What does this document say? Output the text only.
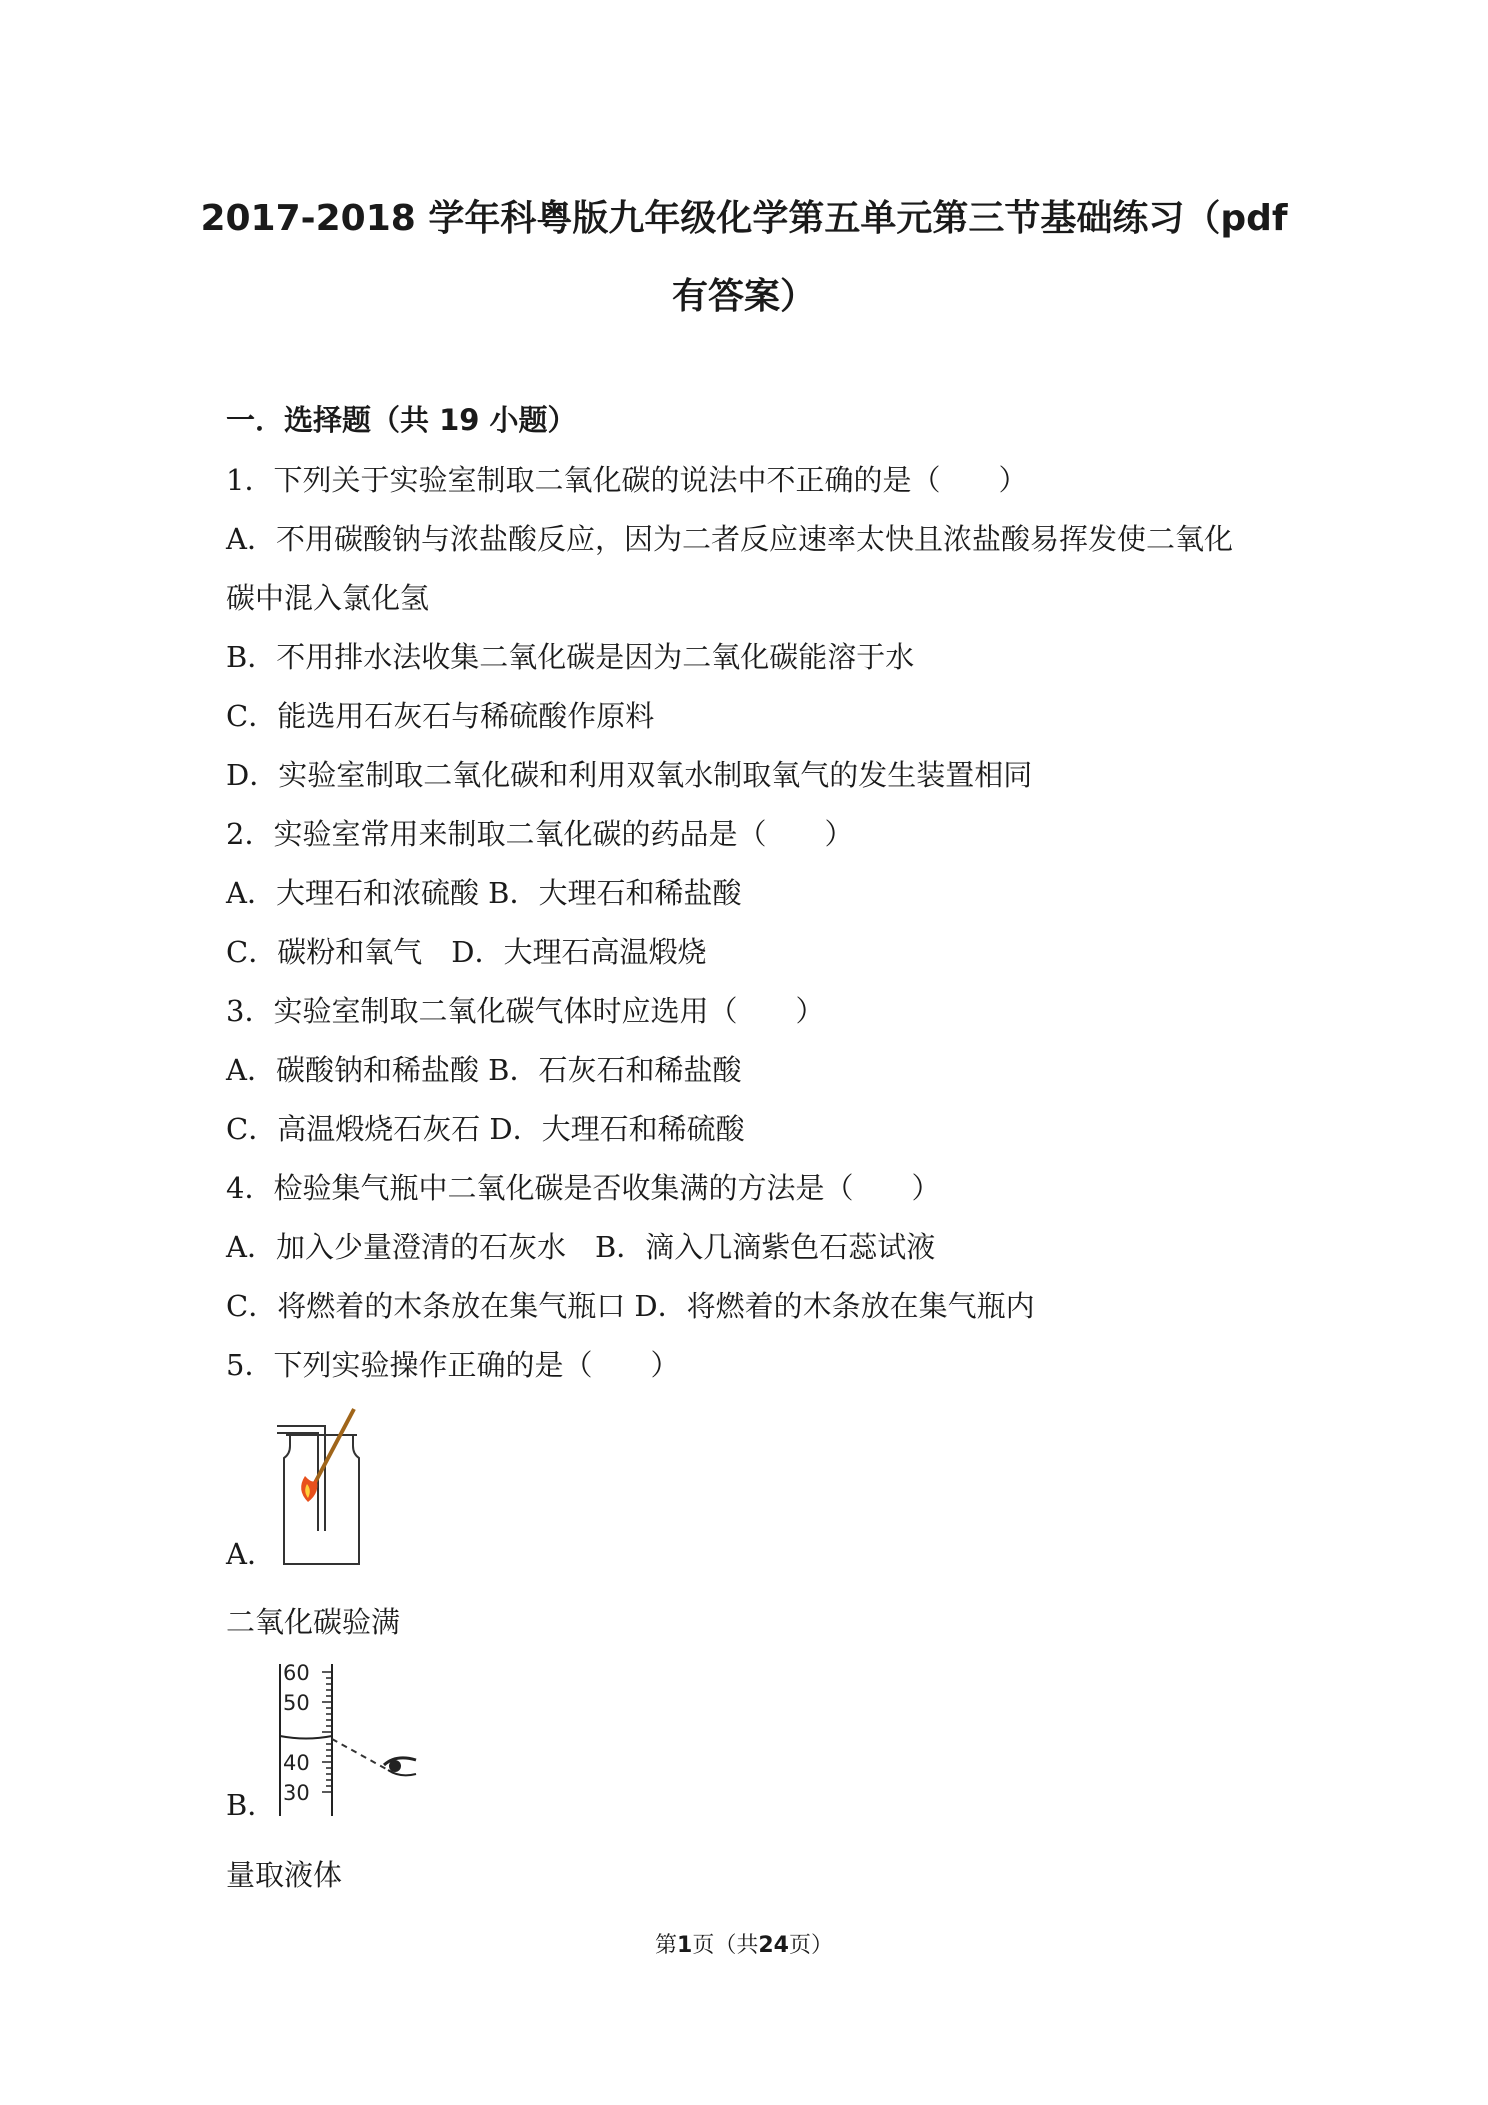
2017-2018 学年科粤版九年级化学第五单元第三节基础练习（pdf
有答案）
一．选择题（共 19 小题）
1．下列关于实验室制取二氧化碳的说法中不正确的是（　　）
A．不用碳酸钠与浓盐酸反应，因为二者反应速率太快且浓盐酸易挥发使二氧化
碳中混入氯化氢
B．不用排水法收集二氧化碳是因为二氧化碳能溶于水
C．能选用石灰石与稀硫酸作原料
D．实验室制取二氧化碳和利用双氧水制取氧气的发生装置相同
2．实验室常用来制取二氧化碳的药品是（　　）
A．大理石和浓硫酸 B．大理石和稀盐酸
C．碳粉和氧气　D．大理石高温煅烧
3．实验室制取二氧化碳气体时应选用（　　）
A．碳酸钠和稀盐酸 B．石灰石和稀盐酸
C．高温煅烧石灰石 D．大理石和稀硫酸
4．检验集气瓶中二氧化碳是否收集满的方法是（　　）
A．加入少量澄清的石灰水　B．滴入几滴紫色石蕊试液
C．将燃着的木条放在集气瓶口 D．将燃着的木条放在集气瓶内
5．下列实验操作正确的是（　　）
A．
二氧化碳验满
60
50
40
30
B．
量取液体
第1页（共24页）
